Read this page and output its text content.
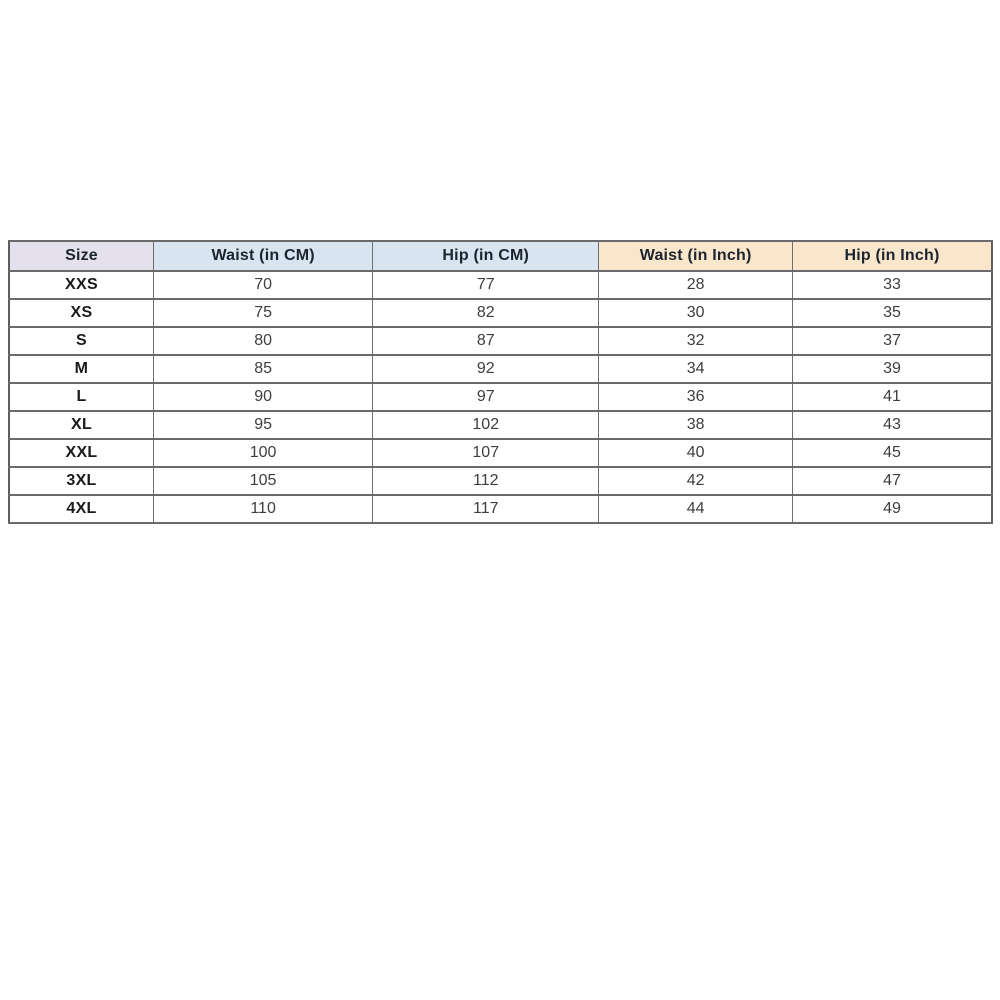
Size	Waist (in CM)	Hip (in CM)	Waist (in Inch)	Hip (in Inch)
XXS	70	77	28	33
XS	75	82	30	35
S	80	87	32	37
M	85	92	34	39
L	90	97	36	41
XL	95	102	38	43
XXL	100	107	40	45
3XL	105	112	42	47
4XL	110	117	44	49
